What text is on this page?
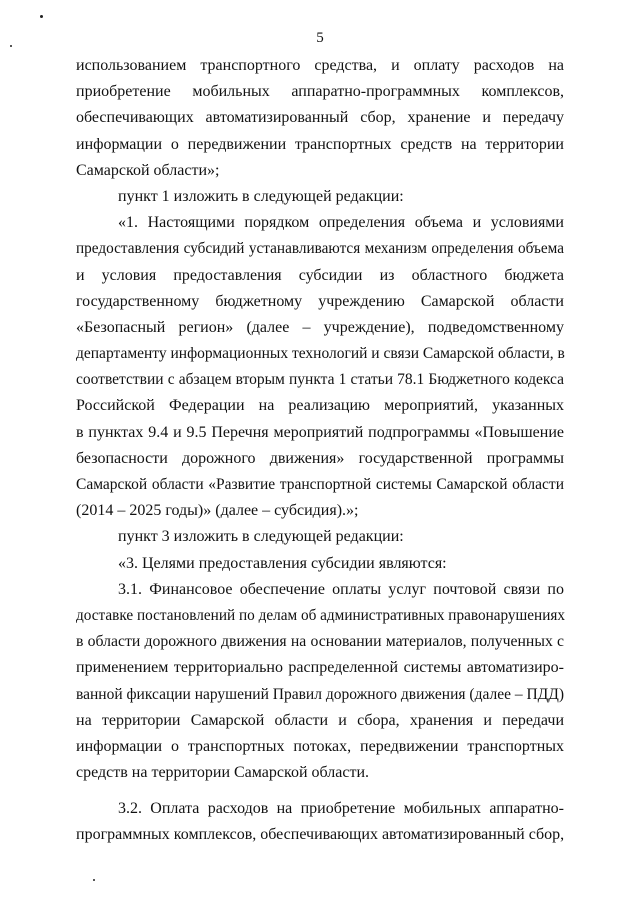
5
использованием транспортного средства, и оплату расходов на
приобретение мобильных аппаратно-программных комплексов,
обеспечивающих автоматизированный сбор, хранение и передачу
информации о передвижении транспортных средств на территории
Самарской области»;
пункт 1 изложить в следующей редакции:
«1. Настоящими порядком определения объема и условиями
предоставления субсидий устанавливаются механизм определения объема
и условия предоставления субсидии из областного бюджета
государственному бюджетному учреждению Самарской области
«Безопасный регион» (далее – учреждение), подведомственному
департаменту информационных технологий и связи Самарской области, в
соответствии с абзацем вторым пункта 1 статьи 78.1 Бюджетного кодекса
Российской Федерации на реализацию мероприятий, указанных
в пунктах 9.4 и 9.5 Перечня мероприятий подпрограммы «Повышение
безопасности дорожного движения» государственной программы
Самарской области «Развитие транспортной системы Самарской области
(2014 – 2025 годы)» (далее – субсидия).»;
пункт 3 изложить в следующей редакции:
«3. Целями предоставления субсидии являются:
3.1. Финансовое обеспечение оплаты услуг почтовой связи по
доставке постановлений по делам об административных правонарушениях
в области дорожного движения на основании материалов, полученных с
применением территориально распределенной системы автоматизиро-
ванной фиксации нарушений Правил дорожного движения (далее – ПДД)
на территории Самарской области и сбора, хранения и передачи
информации о транспортных потоках, передвижении транспортных
средств на территории Самарской области.
3.2. Оплата расходов на приобретение мобильных аппаратно-
программных комплексов, обеспечивающих автоматизированный сбор,
